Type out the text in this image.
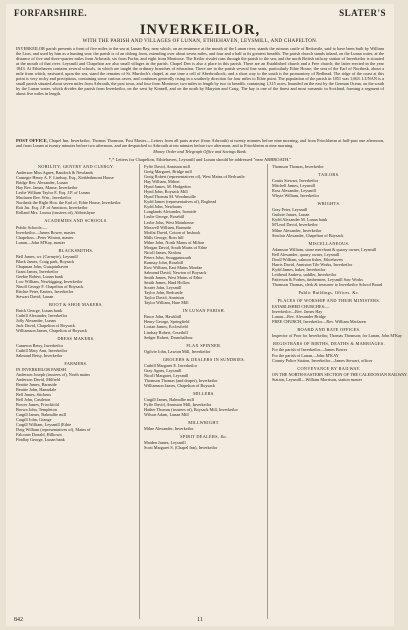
FORFARSHIRE.	SLATER'S
INVERKEILOR,
WITH THE PARISH AND VILLAGES OF LUNAN, ETHIEHAVEN, LEYSMILL, AND CHAPELTON.
INVERKEILOR parish presents a front of five miles to the sea at Lunan Bay, near which, on an eminence at the mouth of the Lunan river, stands the ruinous castle of Redcastle, said to have been built by William the Lion, and used by him as a hunting seat; the parish is of an oblong form, extending over about seven miles, and four and a half at its greatest breadth. The parish church stands inland, on the Lunan water, at the distance of five and three-quarter miles from Arbroath, six from Forfar, and eight from Montrose. The Keilor rivulet runs through the parish to the sea; and the north British railway station of Inverkeilor is situated at the mouth of that river. Leysmill and Chapelton are also small villages in the parish. Chapel Den is also a place in this parish. There are an Established church and a Free church; the latter erected in the year 1843. At Ethiehaven contains several schools, in which are taught the ordinary branches of education. There are in the parish several fine seats, particularly Ethie House, the seat of the Earl of Northesk, about a mile from which, eastward, upon the sea, stand the remains of St. Murdoch's chapel, at one time a cell of Aberbrothock; and a short way to the south is the promontory of Redhead. The ridge of the coast at this point is very rocky and precipitous, containing some curious caves, and continues generally rising in a southerly direction for four miles to Ethie point. The population of the parish in 1851 was 1,663. LUNAN is a small parish situated about seven miles from Arbroath, the post town, and four from Montrose; two miles in length by two in breadth, containing 1,315 acres, bounded on the east by the German Ocean, on the south by the Lunan water, which divides the parish from Inverkeilor, on the west by Kinnell, and on the north by Maryton and Craig. The bay is one of the finest and most romantic in Scotland, forming a segment of about five miles in length.
POST OFFICE, Chapel Inn, Inverkeilor, Thomas Thomson, Post Master.—Letters from all parts arrive (from Arbroath) at twenty minutes before nine morning, and from Friockheim at half-past one afternoon, and from Lunan at twenty minutes before two afternoon, and are despatched to Arbroath at ten minutes before two afternoon, and to Friockheim at nine morning.
Money Order and Telegraph Office and Savings Bank.
*,* Letters for Chapelton, Ethiehaven, Leysmill and Lunan should be addressed "near ARBROATH."
NOBILITY, GENTRY AND CLERGY.
Anderson Miss Agnes, Bandoch & Newlands
Carnegie Henry A. F. Lindsay, Esq., Kinblethmont House
Bridge Rev. Alexander, Lunan
Hay Rev. James, Manse, Inverkeilor
Leslie William Taylor E. Esq. J.P. of Lunan
Maclaren Rev. Wm., Inverkeilor
Northesk the Right Hon. the Earl of, Ethie House, Inverkeilor
Rait Jas. Esq. J.P. of Anniston, Inverkeilor
Rolland Mrs. Louisa (trustees of), Abbotshyne
ACADEMIES AND SCHOOLS.
Public Schools:—
Inverkeilor—James Bower, master
Chapelton—Peter Winton, master
Lunan—John M'Kay, master
BLACKSMITHS.
Bell James, wr. (Carmyie), Leysmill
Black James, Craig park, Boysack
Chapman John, Guaquinhaven
Grant James, Inverkeilor
Geekie Robert, Lunan bank
Low William, Newbigging, Inverkeilor
Ninoll George F. Chapelton of Boysack
Ritchie Peter, Easters, Inverkeilor
Stewart David, Lunan
BOOT & SHOE MAKERS.
Buick George, Lunan bank
Cuthill Alexander, Inverkeilor
Jolly Alexander, Lunan
Jack David, Chapelton of Boysack
Williamson James, Chapelton of Boysack
DRESS MAKERS.
Cameron Betsy, Inverkeilor
Cuthill Mary Ann, Inverkeilor
Salmond Betsy, Inverkeilor
FARMERS.
IN INVERKEILOR PARISH.
Anderson Joseph (trustees of), North mains
Anderson David, Milfield
Beattie James, Barnside
Beattie John, Hamsdale
Bell James, Stichens
Bell John, Castleton
Bower James, Friockfold
Brown John, Templeton
Cargill James, Balmullie mill
Cargill John, Grange
Cargill William, Leysmill (Ethie
Doig William (representatives of), Mains of
Falconer Donald, Hilltown
Findlay George, Lunan bank
Fyffe David, Anniston mill
Greig Margaret, Bridge mill
Greig Robert (representatives of), West Mains of Redcastle
Hay William, Milton
Hynd James, M. Hodgedon
Hynd John, Boysack Mill
Hynd Thomas M. Woodmuille
Kydd James (representatives of), Boghead
Kydd John, Newbarns
Longlands Alexander, Ironside
Leslie George, Rosehill
Leslie John, West Mainhouse
Maxwell William, Burnside
Moffat David, Cotton of Inshook
Mills George, Ross hill
Milne John, North Mains of Milton
Morgan David, South Mains of Ethie
Nicoll James, Kinloss
Peters John, Swaggatmouth
Ramsay John, Rosehill
Row William, East Mains Mordae
Salmond David, Newton of Boysack
Smith James, West Mains of Ethie
Smith James, Hind Hollow
Souter John, Leysmill
Taylor John, Redcastle
Taylor David, Anniston
Taylor William, Hare Mill
IN LUNAN PARISH.
Bruce John, Hawkhill
Henry George, Springfield
Lorian James, Ecclesfield
Lindsay Robert, Courthill
Sedger Robert, Drumhalfour
FLAX SPINNER.
Ogilvie John, Lawton Mill, Inverkeilor
GROCERS & DEALERS IN SUNDRIES.
Cuthill Margaret E. Inverkeilor
Gray Agnes, Leysmill
Nicoll Margaret, Leysmill
Thomson Thomas (and draper), Inverkeilor
Williamson James, Chapelton of Boysack
MILLERS.
Cargill James, Balmullie mill
Fyffe David, Anniston Mill, Inverkeilor
Hather Thomas (trustees of), Boysack Mill, Inverkeilor
Wilson Adam, Lunan Mill
MILLWRIGHT.
Milne Alexander, Inverkeilor
SPIRIT DEALERS, &c.
Maiden James, Leysmill
Scott Margaret S. (Chapel Inn), Inverkeilor
Thomson Thomas, Inverkeilor
TAILORS.
Coutts Stewart, Inverkeilor
Mitchell James, Leysmill
Ross Alexander, Leysmill
Whyte William, Inverkeilor
WRIGHTS.
Gray Peter, Leysmill
Guthrie James, Lunan
Kydd Alexander M. Lunan bank
M'Leod David, Inverkeilor
Milne Alexander, Inverkeilor
Sinclair Alexander, Chapelton of Boysack
MISCELLANEOUS.
Adamson William, stone merchant & quarry owner, Leysmill
Bell Alexander, quarry owner, Leysmill
Doull William, salmon fisher, Ethiehaven
Harris David, Anniston Tile Works, Inverkeilor
Kydd James, baker, Inverkeilor
Leithead Andrew, saddler, Inverkeilor
Patterson & Forbes, timbermen, Leysmill Saw Works
Thomson Thomas, clerk & treasurer to Inverkeilor School Board
Public Buildings, Offices, &c.
PLACES OF WORSHIP AND THEIR MINISTERS.
ESTABLISHED CHURCHES:—
Inverkeilor—Rev. James Hay
Lunan—Rev. Alexander Bridge
FREE CHURCH, Inverkeilor—Rev. William Maclaren
BOARD AND RATE OFFICES.
Inspector of Poor for Inverkeilor, Thomas Thomson; for Lunan, John M'Kay
REGISTRARS OF BIRTHS, DEATHS & MARRIAGES.
For the parish of Inverkeilor—James Bower
For the parish of Lunan—John M'KAY
County Police Station, Inverkeilor—James Stewart, officer
CONVEYANCE BY RAILWAY.
ON THE NORTH-EASTERN SECTION OF THE CALEDONIAN RAILWAY.
Station, Leysmill—William Morrison, station master
842	11
